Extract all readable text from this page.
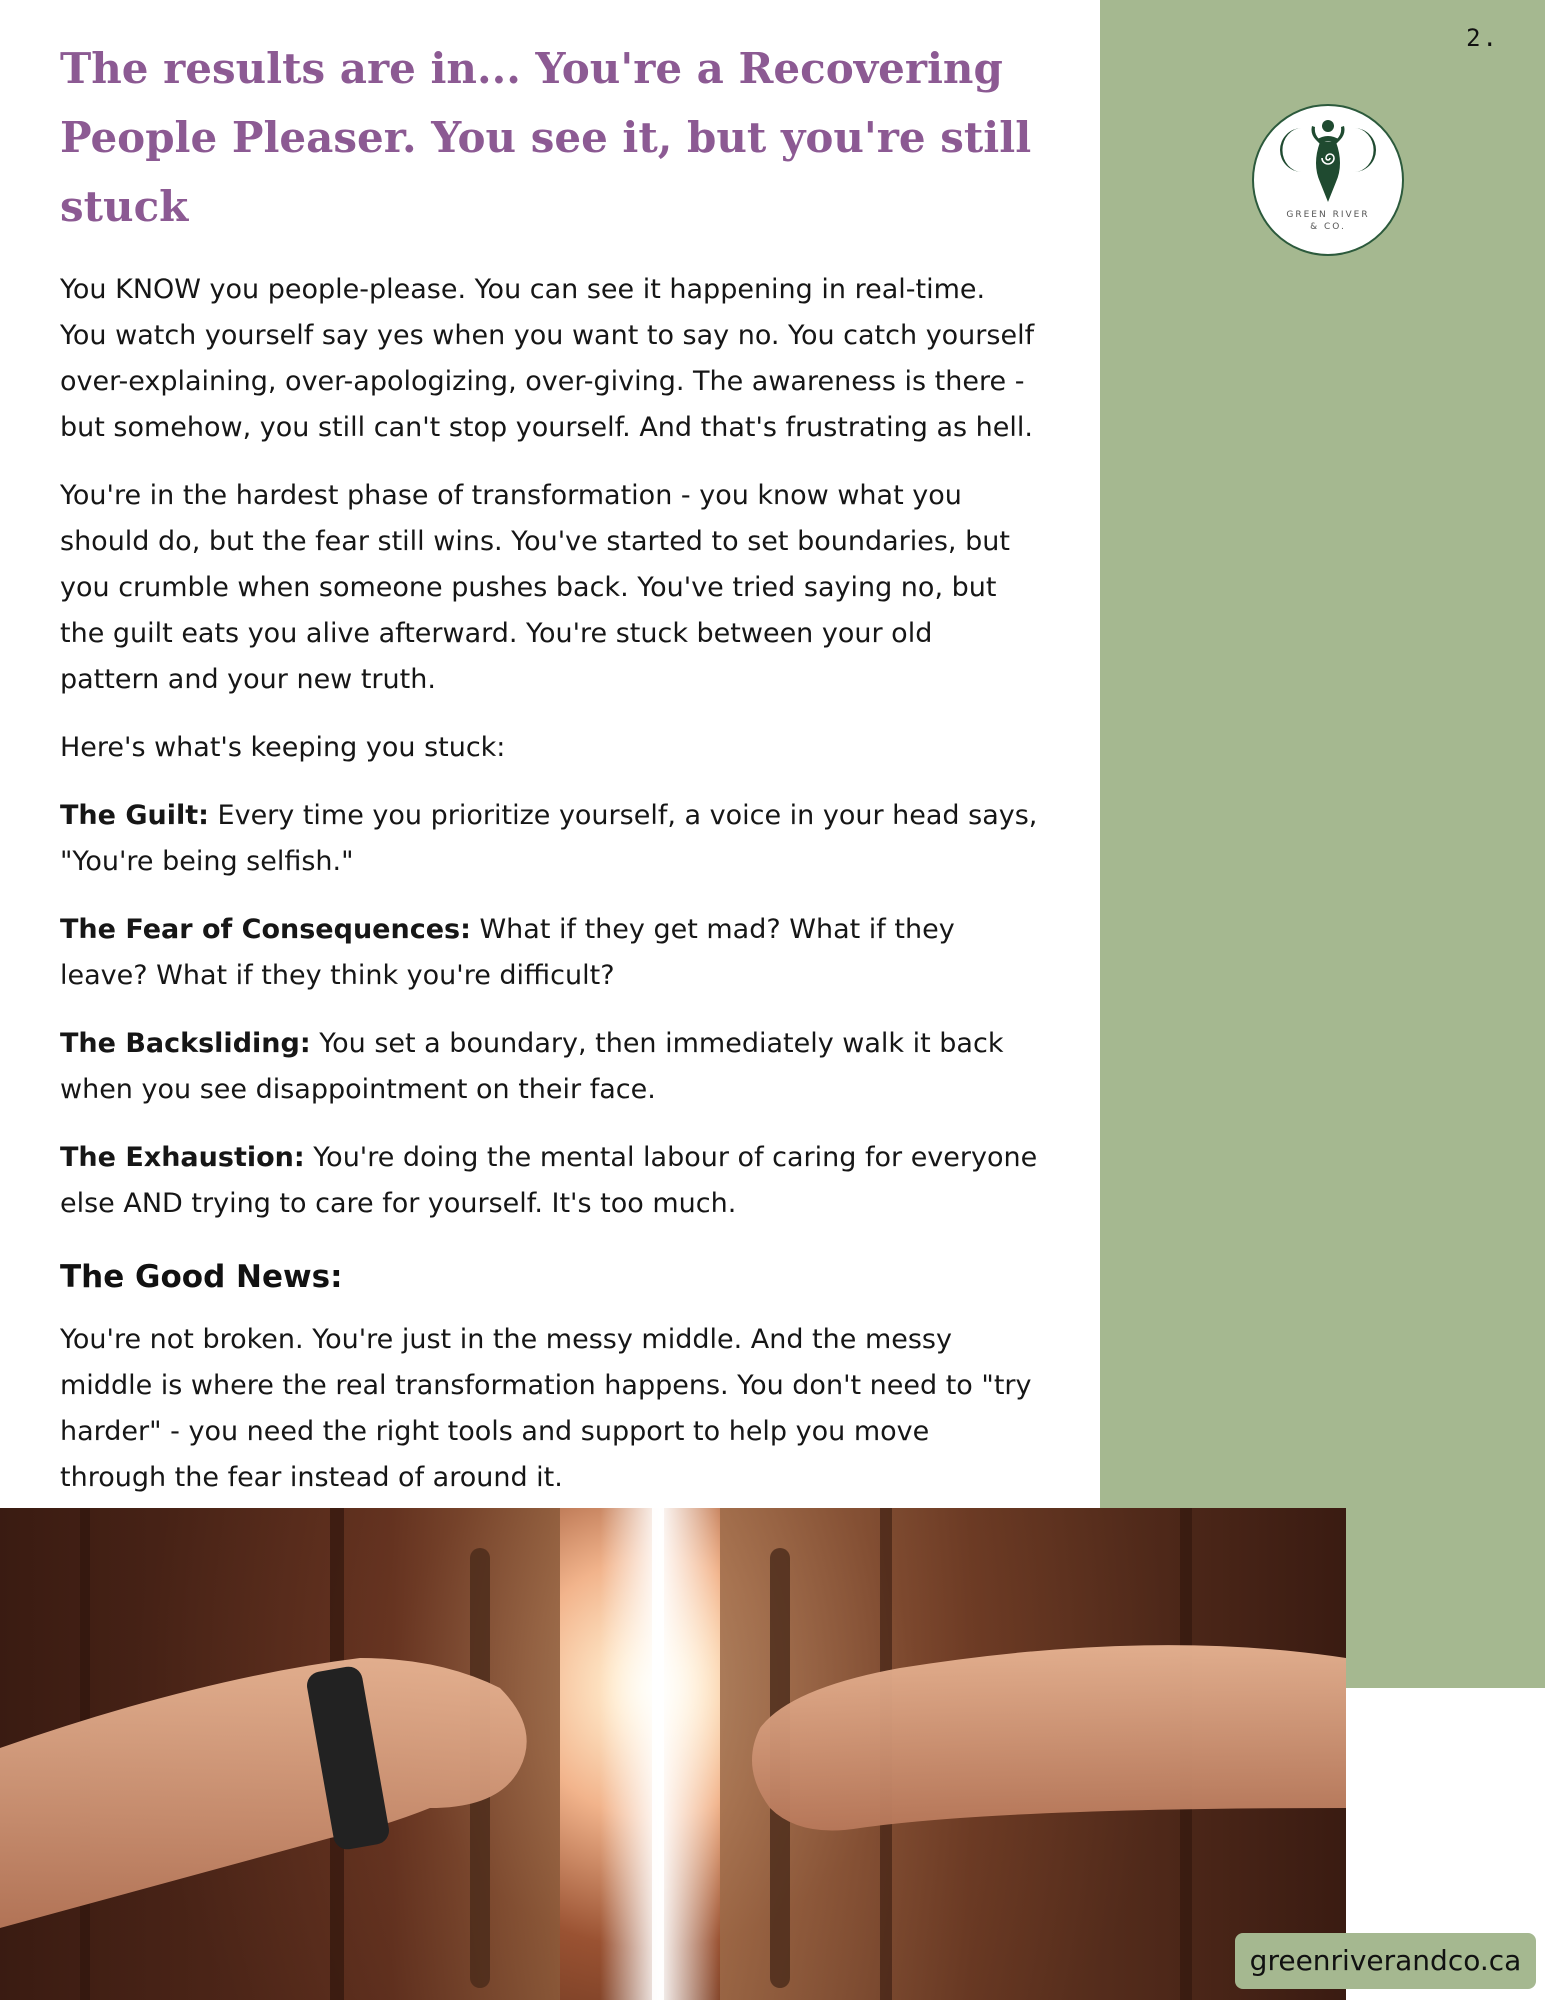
2.
GREEN RIVER
& CO.
The results are in... You're a Recovering People Pleaser. You see it, but you're still stuck

You KNOW you people-please. You can see it happening in real-time. You watch yourself say yes when you want to say no. You catch yourself over-explaining, over-apologizing, over-giving. The awareness is there - but somehow, you still can't stop yourself. And that's frustrating as hell.

You're in the hardest phase of transformation - you know what you should do, but the fear still wins. You've started to set boundaries, but you crumble when someone pushes back. You've tried saying no, but the guilt eats you alive afterward. You're stuck between your old pattern and your new truth.

Here's what's keeping you stuck:

The Guilt: Every time you prioritize yourself, a voice in your head says, "You're being selfish."

The Fear of Consequences: What if they get mad? What if they leave? What if they think you're difficult?

The Backsliding: You set a boundary, then immediately walk it back when you see disappointment on their face.

The Exhaustion: You're doing the mental labour of caring for everyone else AND trying to care for yourself. It's too much.

The Good News:

You're not broken. You're just in the messy middle. And the messy middle is where the real transformation happens. You don't need to "try harder" - you need the right tools and support to help you move through the fear instead of around it.

greenriverandco.ca
